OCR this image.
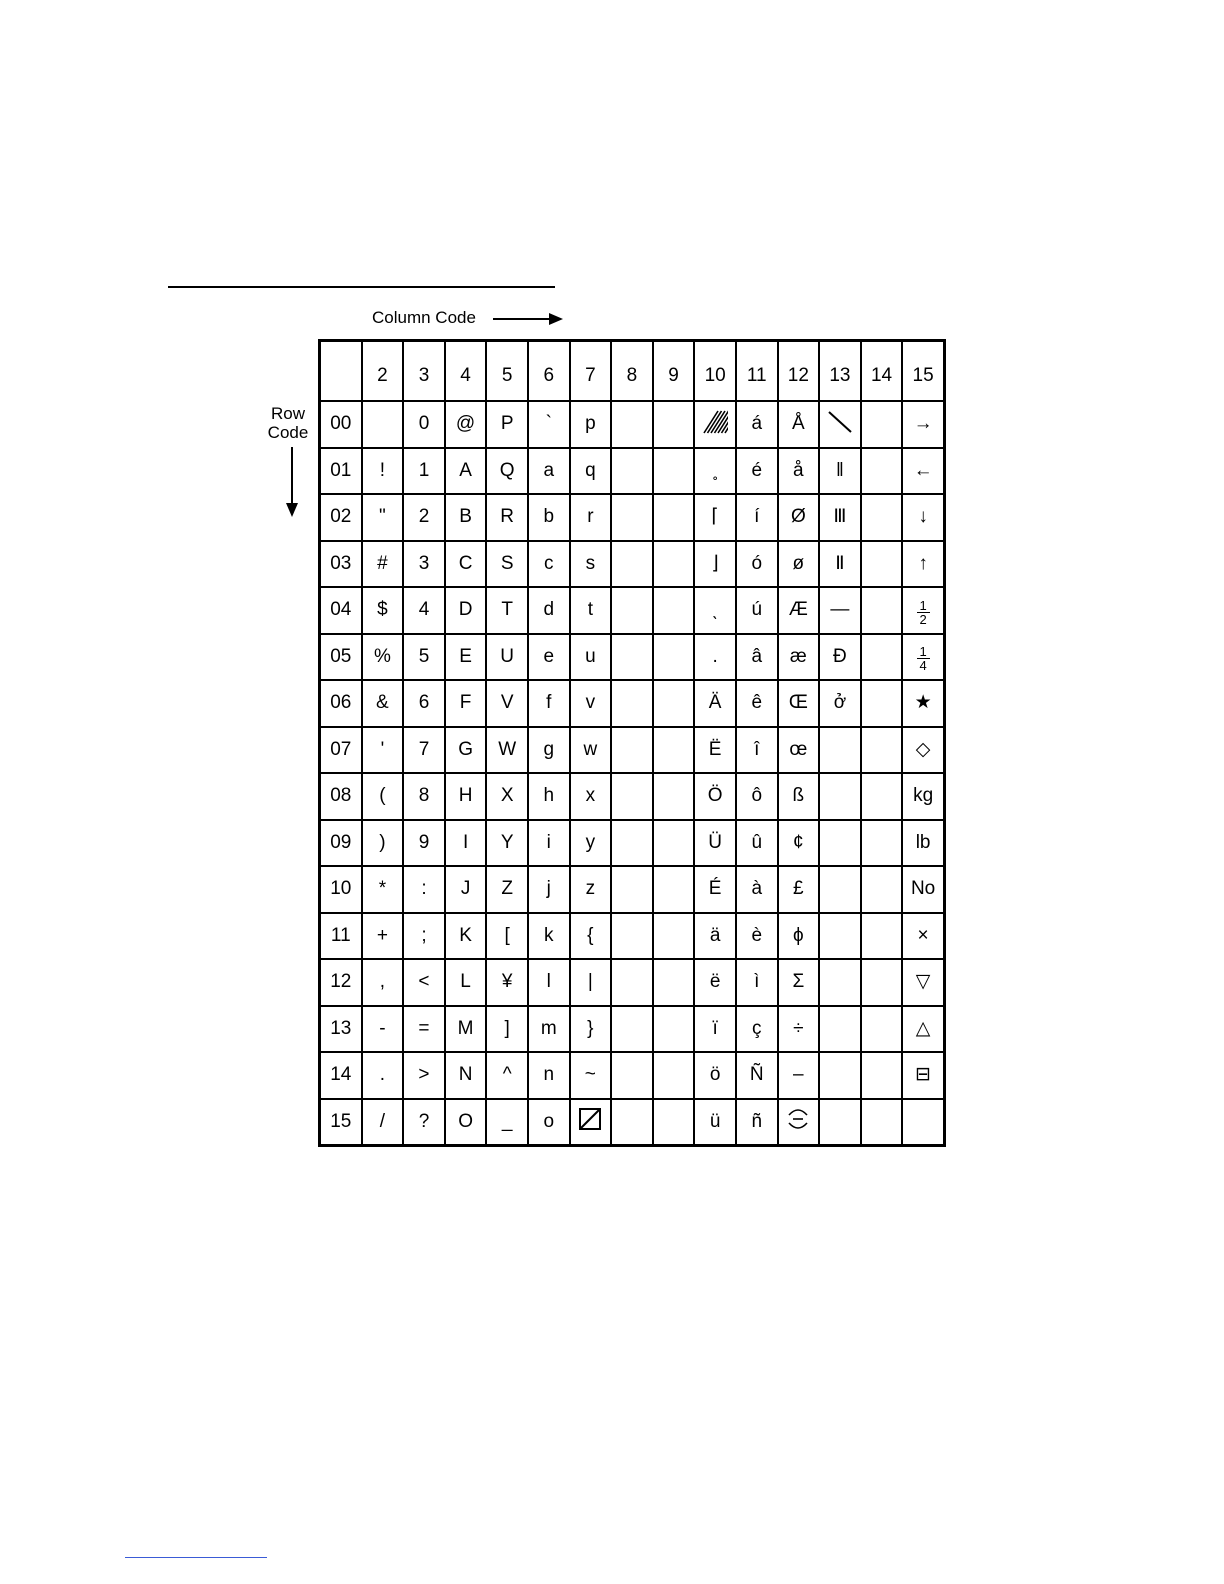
Column Code
Row
Code
	2	3	4	5	6	7	8	9	10	11	12	13	14	15
00		0	@	P	`	p				á	Å			→
01	!	1	A	Q	a	q			˳	é	å	ǁ		←
02	"	2	B	R	b	r			⌈	í	Ø	Ⅲ		↓
03	#	3	C	S	c	s			⌋	ó	ø	Ⅱ		↑
04	$	4	D	T	d	t			ˎ	ú	Æ	—		$\frac{1}{2}$

05	%	5	E	U	e	u			.	â	æ	Đ		$\frac{1}{4}$

06	&	6	F	V	f	v			Ä	ê	Œ	ở		★
07	'	7	G	W	g	w			Ë	î	œ			◇
08	(	8	H	X	h	x			Ö	ô	ß			kg
09	)	9	I	Y	i	y			Ü	û	¢			lb
10	*	:	J	Z	j	z			É	à	£			No
11	+	;	K	[	k	{			ä	è	ϕ			×
12	,	<	L	¥	l	|			ë	ì	Σ			▽
13	-	=	M	]	m	}			ï	ç	÷			△
14	.	>	N	^	n	~			ö	Ñ	–			⊟
15	/	?	O	_	o				ü	ñ				
